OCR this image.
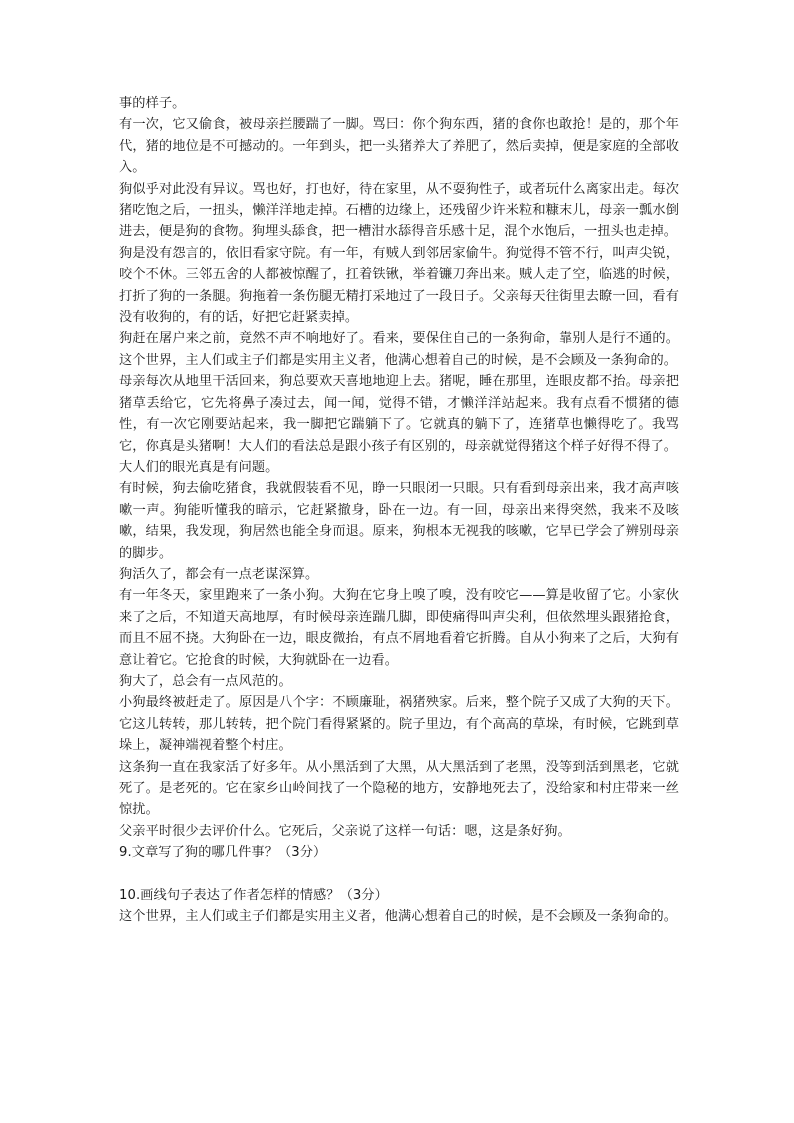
事的样子。

有一次，它又偷食，被母亲拦腰踹了一脚。骂曰：你个狗东西，猪的食你也敢抢！是的，那个年代，猪的地位是不可撼动的。一年到头，把一头猪养大了养肥了，然后卖掉，便是家庭的全部收入。

狗似乎对此没有异议。骂也好，打也好，待在家里，从不耍狗性子，或者玩什么离家出走。每次猪吃饱之后，一扭头，懒洋洋地走掉。石槽的边缘上，还残留少许米粒和糠末儿，母亲一瓢水倒进去，便是狗的食物。狗埋头舔食，把一槽泔水舔得音乐感十足，混个水饱后，一扭头也走掉。

狗是没有怨言的，依旧看家守院。有一年，有贼人到邻居家偷牛。狗觉得不管不行，叫声尖锐，咬个不休。三邻五舍的人都被惊醒了，扛着铁锹，举着镰刀奔出来。贼人走了空，临逃的时候，打折了狗的一条腿。狗拖着一条伤腿无精打采地过了一段日子。父亲每天往街里去瞭一回，看有没有收狗的，有的话，好把它赶紧卖掉。

狗赶在屠户来之前，竟然不声不响地好了。看来，要保住自己的一条狗命，靠别人是行不通的。这个世界，主人们或主子们都是实用主义者，他满心想着自己的时候，是不会顾及一条狗命的。

母亲每次从地里干活回来，狗总要欢天喜地地迎上去。猪呢，睡在那里，连眼皮都不抬。母亲把猪草丢给它，它先将鼻子凑过去，闻一闻，觉得不错，才懒洋洋站起来。我有点看不惯猪的德性，有一次它刚要站起来，我一脚把它踹躺下了。它就真的躺下了，连猪草也懒得吃了。我骂它，你真是头猪啊！大人们的看法总是跟小孩子有区别的，母亲就觉得猪这个样子好得不得了。

大人们的眼光真是有问题。

有时候，狗去偷吃猪食，我就假装看不见，睁一只眼闭一只眼。只有看到母亲出来，我才高声咳嗽一声。狗能听懂我的暗示，它赶紧撤身，卧在一边。有一回，母亲出来得突然，我来不及咳嗽，结果，我发现，狗居然也能全身而退。原来，狗根本无视我的咳嗽，它早已学会了辨别母亲的脚步。

狗活久了，都会有一点老谋深算。

有一年冬天，家里跑来了一条小狗。大狗在它身上嗅了嗅，没有咬它——算是收留了它。小家伙来了之后，不知道天高地厚，有时候母亲连踹几脚，即使痛得叫声尖利，但依然埋头跟猪抢食，而且不屈不挠。大狗卧在一边，眼皮微抬，有点不屑地看着它折腾。自从小狗来了之后，大狗有意让着它。它抢食的时候，大狗就卧在一边看。

狗大了，总会有一点风范的。

小狗最终被赶走了。原因是八个字：不顾廉耻，祸猪殃家。后来，整个院子又成了大狗的天下。它这儿转转，那儿转转，把个院门看得紧紧的。院子里边，有个高高的草垛，有时候，它跳到草垛上，凝神端视着整个村庄。

这条狗一直在我家活了好多年。从小黑活到了大黑，从大黑活到了老黑，没等到活到黑老，它就死了。是老死的。它在家乡山岭间找了一个隐秘的地方，安静地死去了，没给家和村庄带来一丝惊扰。

父亲平时很少去评价什么。它死后，父亲说了这样一句话：嗯，这是条好狗。

9.文章写了狗的哪几件事？（3分）

10.画线句子表达了作者怎样的情感？（3分）

这个世界，主人们或主子们都是实用主义者，他满心想着自己的时候，是不会顾及一条狗命的。
